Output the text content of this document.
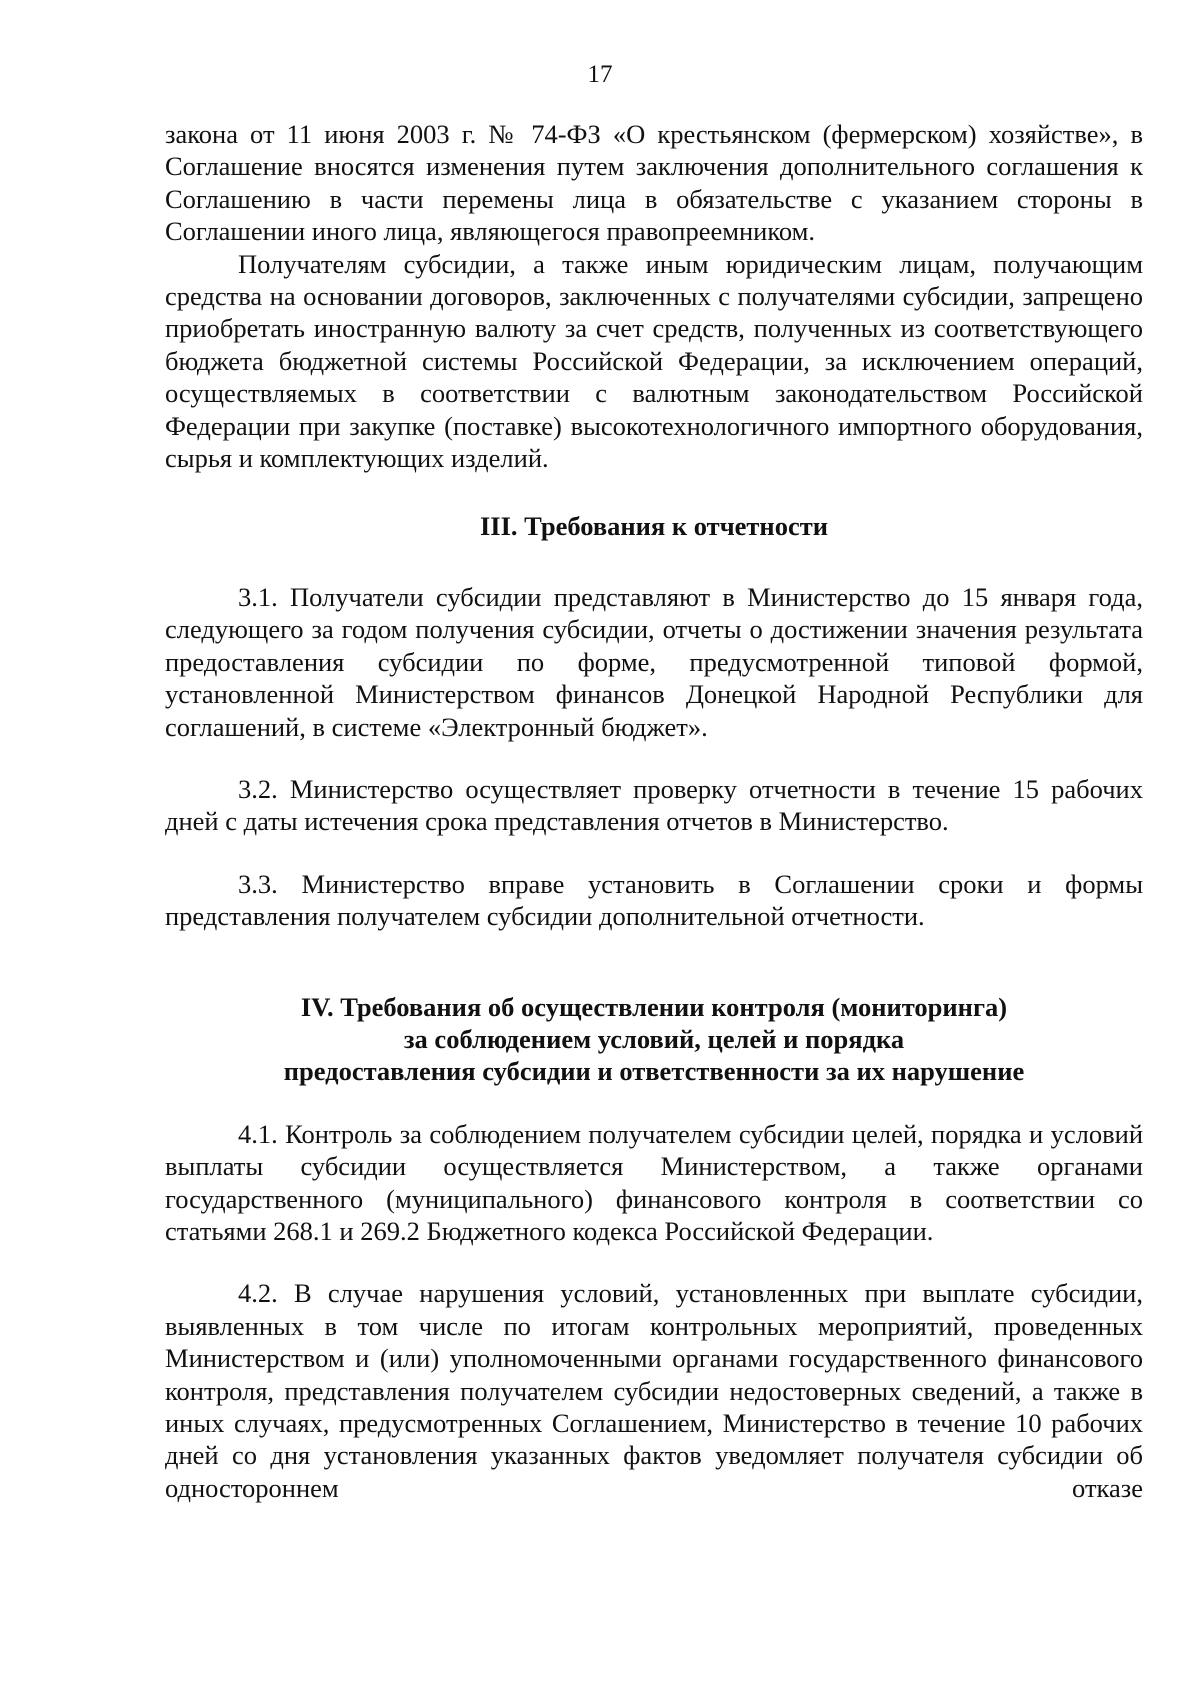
17

закона от 11 июня 2003 г. № 74-ФЗ «О крестьянском (фермерском) хозяйстве», в Соглашение вносятся изменения путем заключения дополнительного соглашения к Соглашению в части перемены лица в обязательстве с указанием стороны в Соглашении иного лица, являющегося правопреемником.

Получателям субсидии, а также иным юридическим лицам, получающим средства на основании договоров, заключенных с получателями субсидии, запрещено приобретать иностранную валюту за счет средств, полученных из соответствующего бюджета бюджетной системы Российской Федерации, за исключением операций, осуществляемых в соответствии с валютным законодательством Российской Федерации при закупке (поставке) высокотехнологичного импортного оборудования, сырья и комплектующих изделий.

III. Требования к отчетности

3.1. Получатели субсидии представляют в Министерство до 15 января года, следующего за годом получения субсидии, отчеты о достижении значения результата предоставления субсидии по форме, предусмотренной типовой формой, установленной Министерством финансов Донецкой Народной Республики для соглашений, в системе «Электронный бюджет».

3.2. Министерство осуществляет проверку отчетности в течение 15 рабочих дней с даты истечения срока представления отчетов в Министерство.

3.3. Министерство вправе установить в Соглашении сроки и формы представления получателем субсидии дополнительной отчетности.

IV. Требования об осуществлении контроля (мониторинга)
за соблюдением условий, целей и порядка
предоставления субсидии и ответственности за их нарушение

4.1. Контроль за соблюдением получателем субсидии целей, порядка и условий выплаты субсидии осуществляется Министерством, а также органами государственного (муниципального) финансового контроля в соответствии со статьями 268.1 и 269.2 Бюджетного кодекса Российской Федерации.

4.2. В случае нарушения условий, установленных при выплате субсидии, выявленных в том числе по итогам контрольных мероприятий, проведенных Министерством и (или) уполномоченными органами государственного финансового контроля, представления получателем субсидии недостоверных сведений, а также в иных случаях, предусмотренных Соглашением, Министерство в течение 10 рабочих дней со дня установления указанных фактов уведомляет получателя субсидии об одностороннем отказе
